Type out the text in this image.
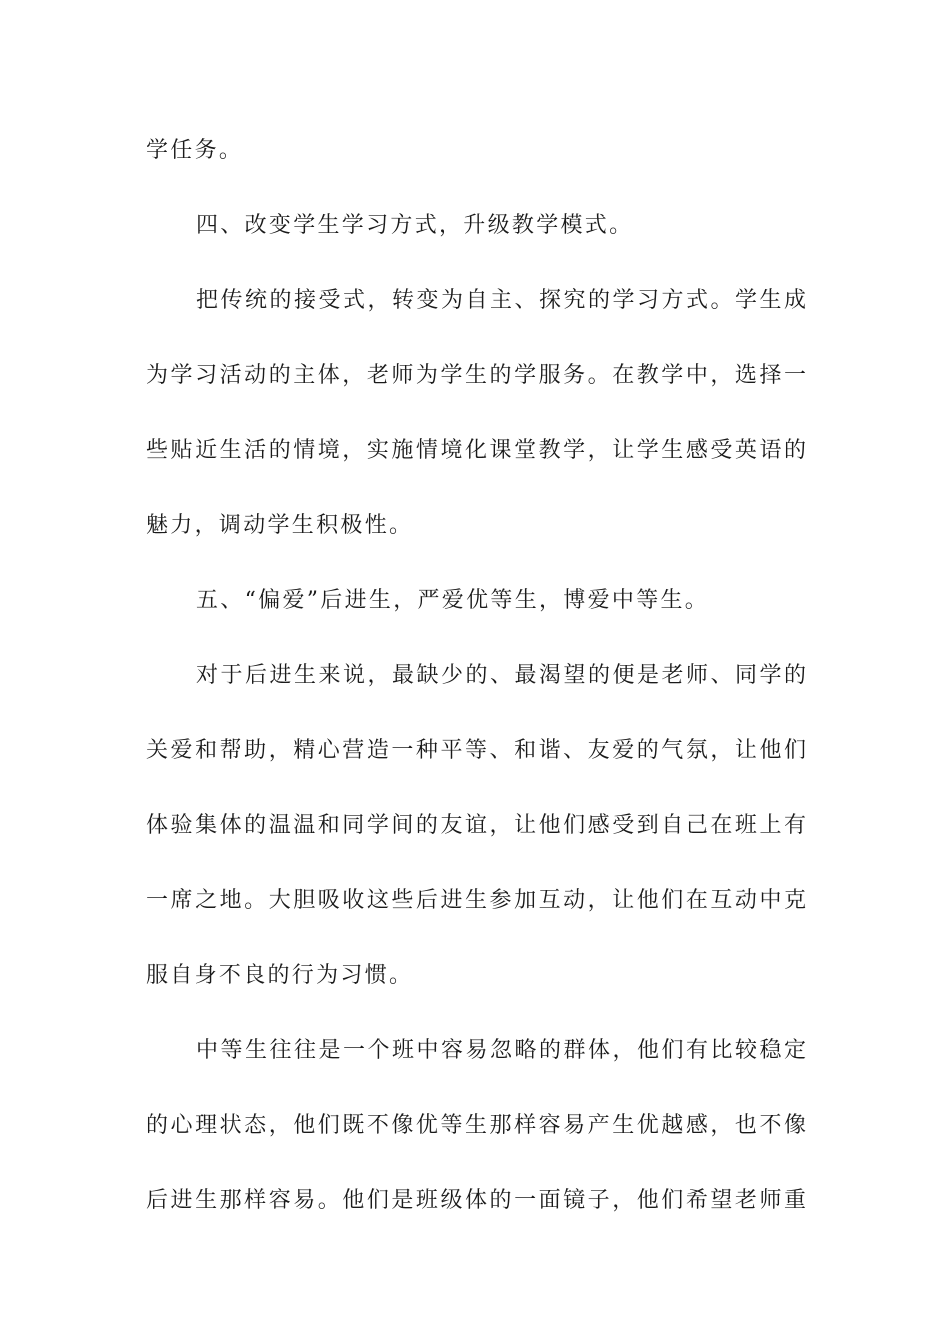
学任务。
四、改变学生学习方式，升级教学模式。
把传统的接受式，转变为自主、探究的学习方式。学生成
为学习活动的主体，老师为学生的学服务。在教学中，选择一
些贴近生活的情境，实施情境化课堂教学，让学生感受英语的
魅力，调动学生积极性。
五、“偏爱”后进生，严爱优等生，博爱中等生。
对于后进生来说，最缺少的、最渴望的便是老师、同学的
关爱和帮助，精心营造一种平等、和谐、友爱的气氛，让他们
体验集体的温温和同学间的友谊，让他们感受到自己在班上有
一席之地。大胆吸收这些后进生参加互动，让他们在互动中克
服自身不良的行为习惯。
中等生往往是一个班中容易忽略的群体，他们有比较稳定
的心理状态，他们既不像优等生那样容易产生优越感，也不像
后进生那样容易。他们是班级体的一面镜子，他们希望老师重
